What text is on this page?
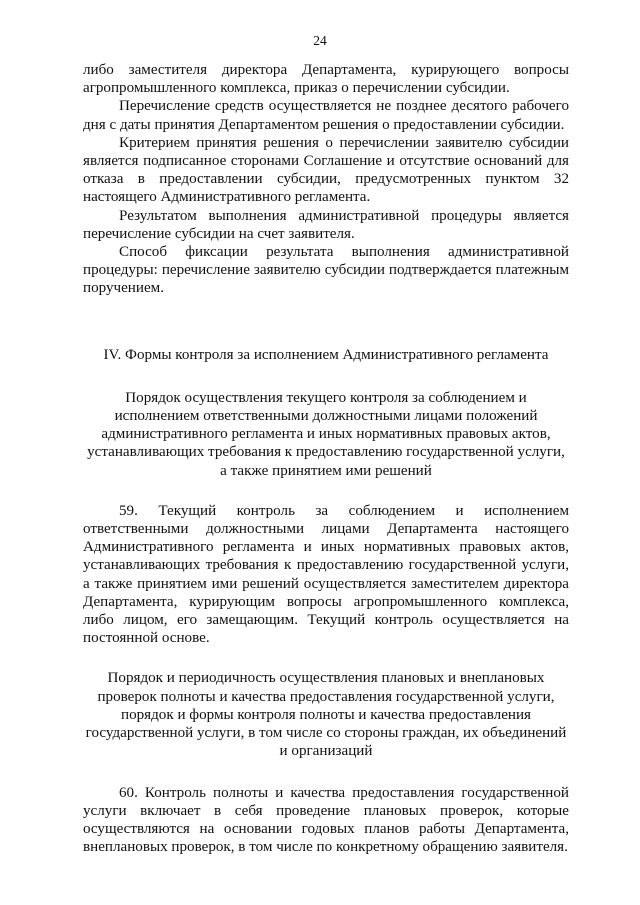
24

либо заместителя директора Департамента, курирующего вопросы агропромышленного комплекса, приказ о перечислении субсидии.

Перечисление средств осуществляется не позднее десятого рабочего дня с даты принятия Департаментом решения о предоставлении субсидии.

Критерием принятия решения о перечислении заявителю субсидии является подписанное сторонами Соглашение и отсутствие оснований для отказа в предоставлении субсидии, предусмотренных пунктом 32 настоящего Административного регламента.

Результатом выполнения административной процедуры является перечисление субсидии на счет заявителя.

Способ фиксации результата выполнения административной процедуры: перечисление заявителю субсидии подтверждается платежным поручением.

IV. Формы контроля за исполнением Административного регламента

Порядок осуществления текущего контроля за соблюдением и
исполнением ответственными должностными лицами положений
административного регламента и иных нормативных правовых актов,
устанавливающих требования к предоставлению государственной услуги,
а также принятием ими решений

59. Текущий контроль за соблюдением и исполнением ответственными должностными лицами Департамента настоящего Административного регламента и иных нормативных правовых актов, устанавливающих требования к предоставлению государственной услуги, а также принятием ими решений осуществляется заместителем директора Департамента, курирующим вопросы агропромышленного комплекса, либо лицом, его замещающим. Текущий контроль осуществляется на постоянной основе.

Порядок и периодичность осуществления плановых и внеплановых
проверок полноты и качества предоставления государственной услуги,
порядок и формы контроля полноты и качества предоставления
государственной услуги, в том числе со стороны граждан, их объединений
и организаций

60. Контроль полноты и качества предоставления государственной услуги включает в себя проведение плановых проверок, которые осуществляются на основании годовых планов работы Департамента, внеплановых проверок, в том числе по конкретному обращению заявителя.
